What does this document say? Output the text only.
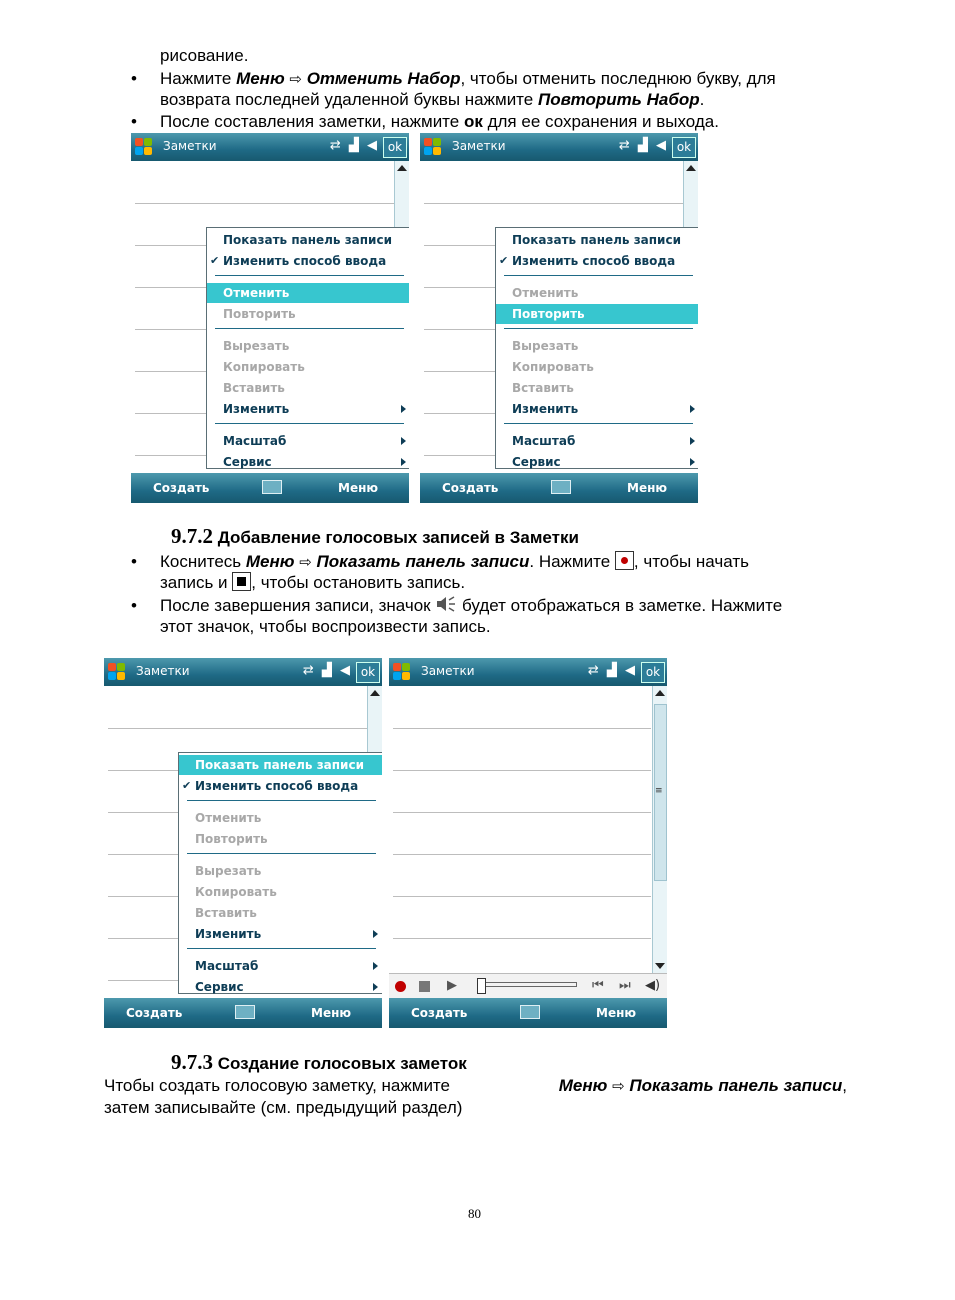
рисование.
• Нажмите Меню ⇨ Отменить Набор, чтобы отменить последнюю букву, для
возврата последней удаленной буквы нажмите Повторить Набор.
• После составления заметки, нажмите ок для ее сохранения и выхода.
Заметки	⇄ ▟ ◀ ok
Показать панель записи
✔ Изменить способ ввода
Отменить
Повторить
Вырезать
Копировать
Вставить
Изменить
Масштаб
Сервис
Создать	Меню
Заметки	⇄ ▟ ◀ ok
Показать панель записи
✔ Изменить способ ввода
Отменить
Повторить
Вырезать
Копировать
Вставить
Изменить
Масштаб
Сервис
Создать	Меню
9.7.2 Добавление голосовых записей в Заметки
• Коснитесь Меню ⇨ Показать панель записи. Нажмите
, чтобы начать
запись и
, чтобы остановить запись.
• После завершения записи, значок  будет отображаться в заметке. Нажмите
этот значок, чтобы воспроизвести запись.
Заметки	⇄ ▟ ◀ ok
Показать панель записи
✔ Изменить способ ввода
Отменить
Повторить
Вырезать
Копировать
Вставить
Изменить
Масштаб
Сервис
Создать	Меню
Заметки	⇄ ▟ ◀ ok
≡
▶	⏮ ⏭ ◀)
Создать	Меню
9.7.3 Создание голосовых заметок
Чтобы создать голосовую заметку, нажмите	Меню ⇨ Показать панель записи,
затем записывайте (см. предыдущий раздел)
80
